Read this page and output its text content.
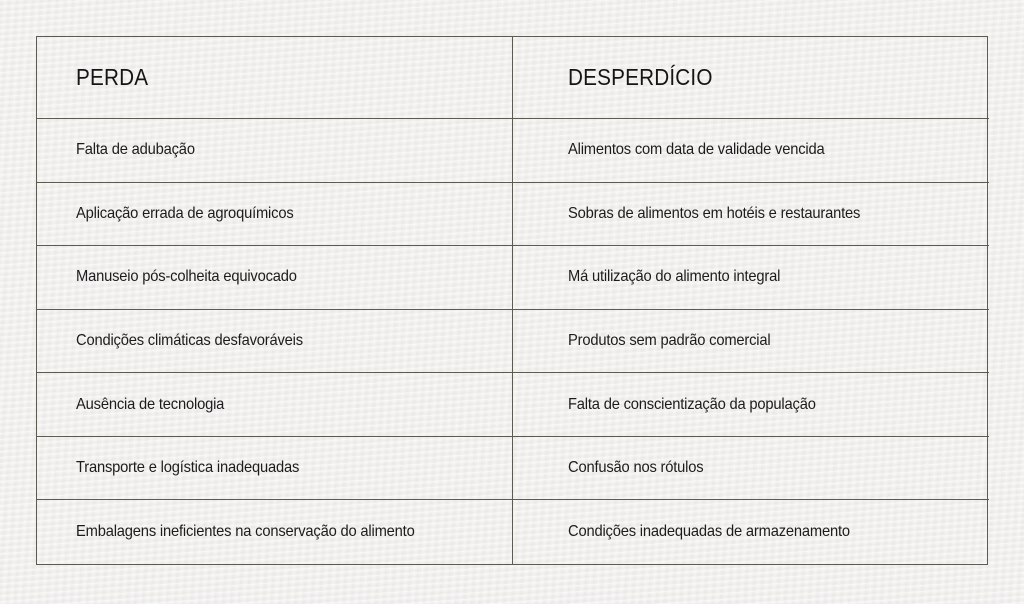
PERDA	DESPERDÍCIO
Falta de adubação	Alimentos com data de validade vencida
Aplicação errada de agroquímicos	Sobras de alimentos em hotéis e restaurantes
Manuseio pós-colheita equivocado	Má utilização do alimento integral
Condições climáticas desfavoráveis	Produtos sem padrão comercial
Ausência de tecnologia	Falta de conscientização da população
Transporte e logística inadequadas	Confusão nos rótulos
Embalagens ineficientes na conservação do alimento	Condições inadequadas de armazenamento
